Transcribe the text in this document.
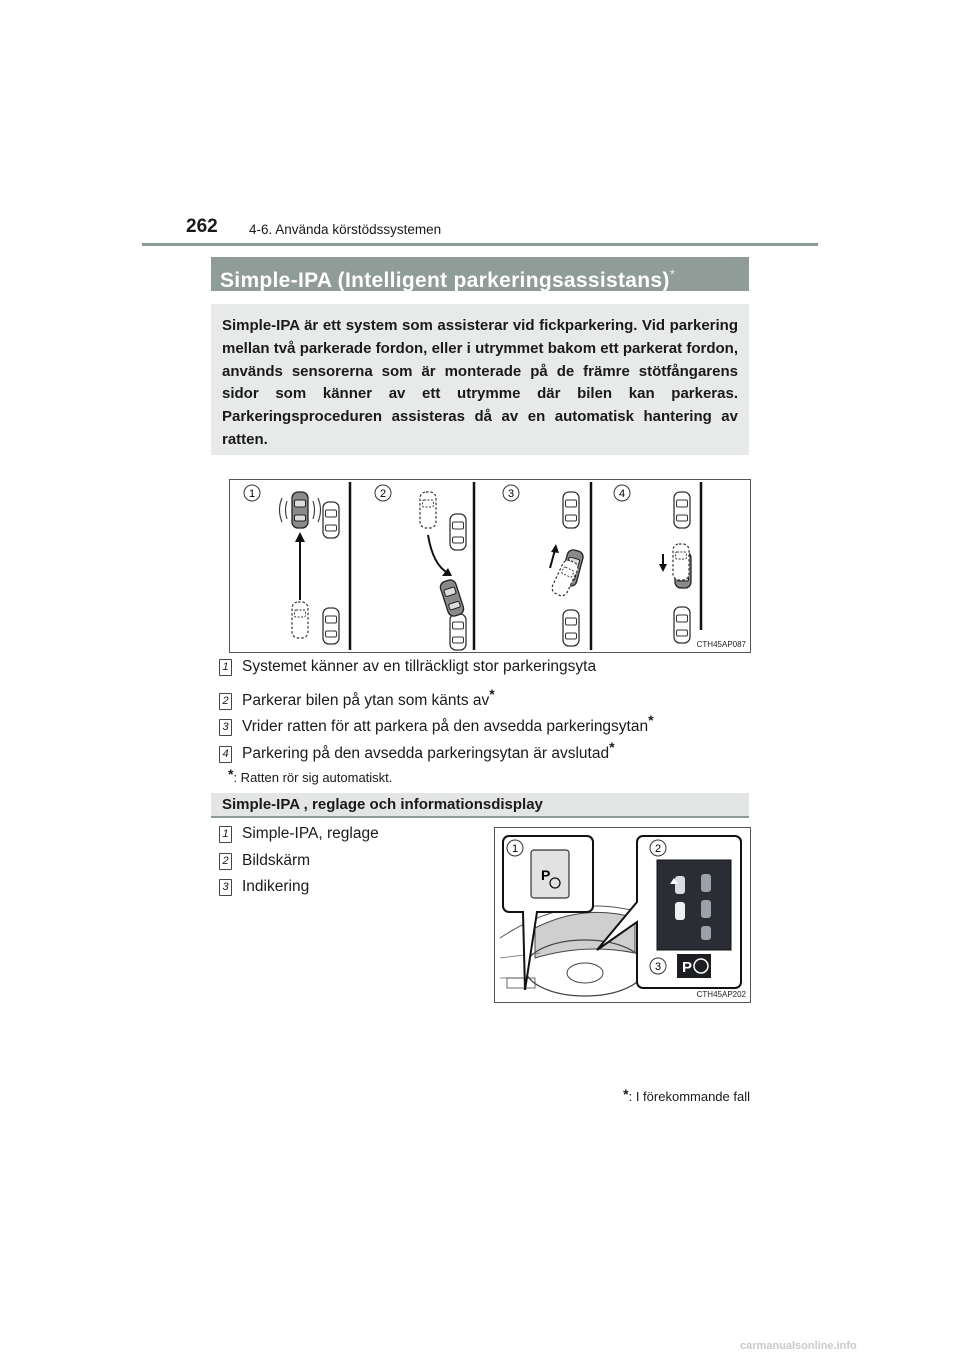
262 4-6. Använda körstödssystemen
Simple-IPA (Intelligent parkeringsassistans)*
Simple-IPA är ett system som assisterar vid fickparkering. Vid parkering mellan två parkerade fordon, eller i utrymmet bakom ett parkerat fordon, används sensorerna som är monterade på de främre stötfångarens sidor som känner av ett utrymme där bilen kan parkeras. Parkeringsproceduren assisteras då av en automatisk hantering av ratten.
1	2	3	4
CTH45AP087
1 Systemet känner av en tillräckligt stor parkeringsyta
2 Parkerar bilen på ytan som känts av*
3 Vrider ratten för att parkera på den avsedda parkeringsytan*
4 Parkering på den avsedda parkeringsytan är avslutad*
*: Ratten rör sig automatiskt.
Simple-IPA , reglage och informationsdisplay
1 Simple-IPA, reglage
2 Bildskärm
3 Indikering
1
P
2
3 P
CTH45AP202
*: I förekommande fall
carmanualsonline.info
